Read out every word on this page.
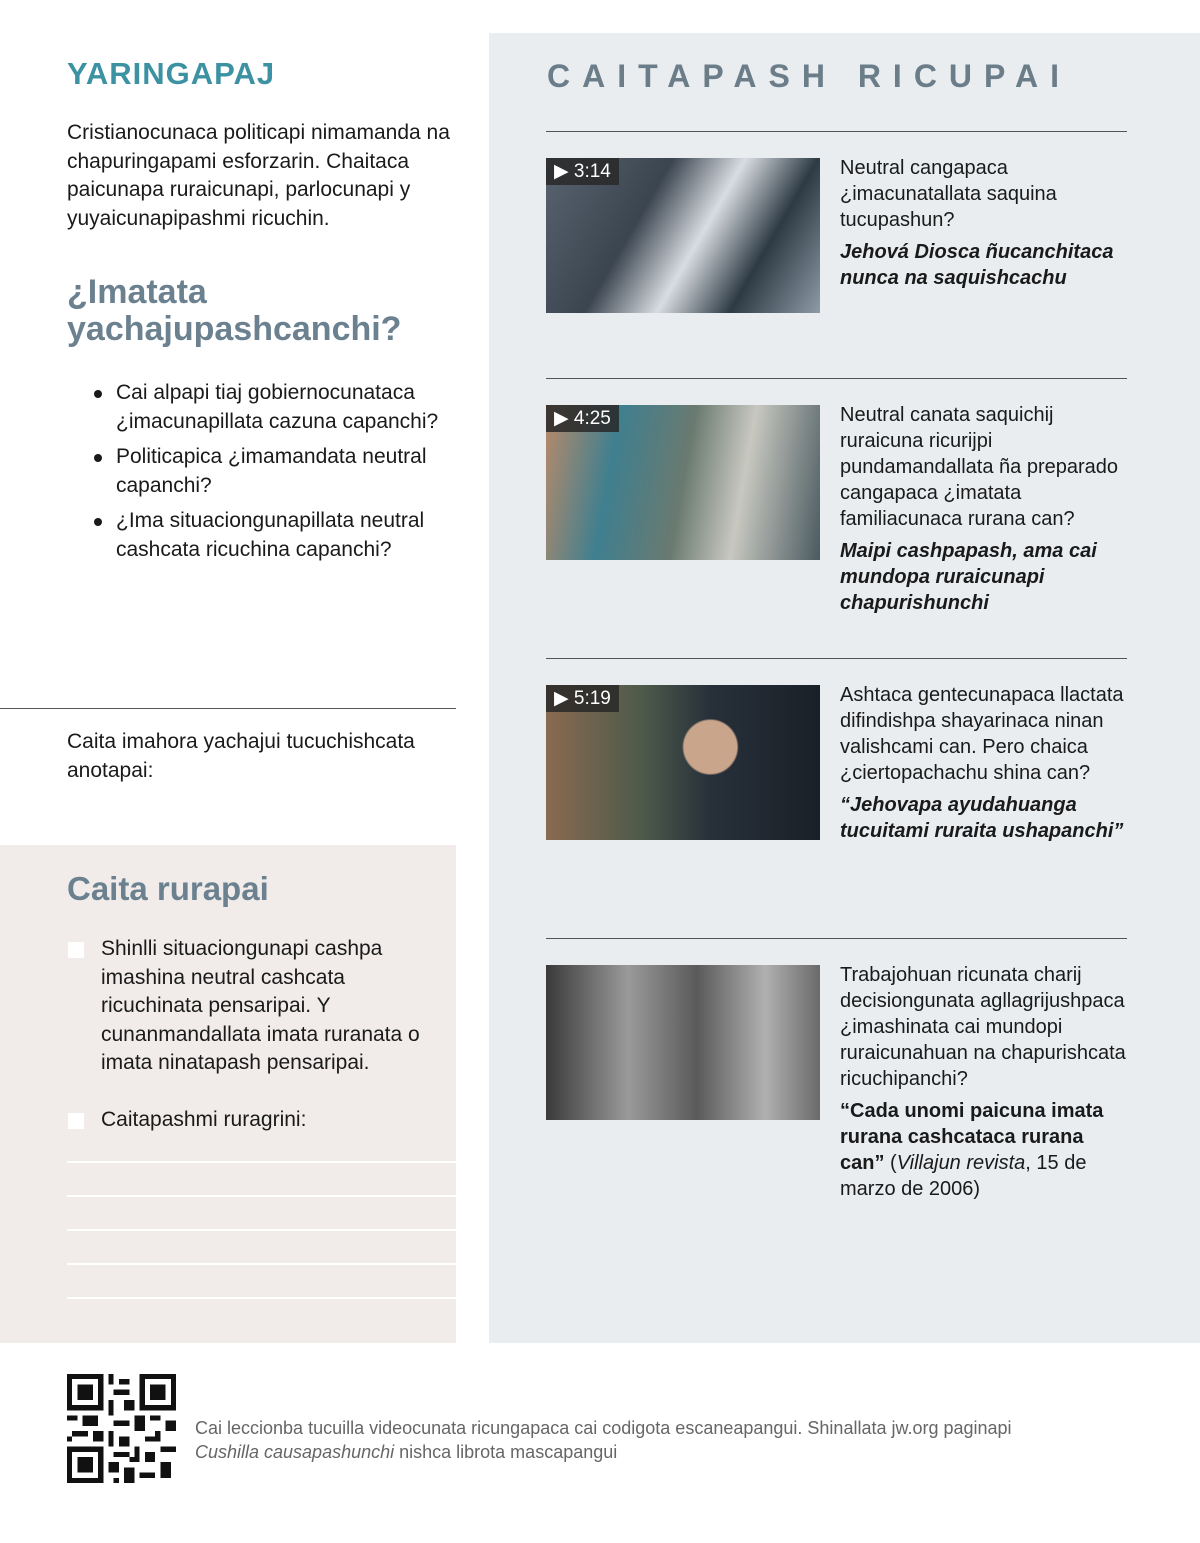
YARINGAPAJ
Cristianocunaca politicapi nimamanda na chapuringapami esforzarin. Chaitaca paicunapa ruraicunapi, parlocunapi y yuyaicunapipashmi ricuchin.
¿Imatata yachajupashcanchi?
Cai alpapi tiaj gobiernocunataca ¿imacunapillata cazuna capanchi?
Politicapica ¿imamandata neutral capanchi?
¿Ima situaciongunapillata neutral cashcata ricuchina capanchi?
Caita imahora yachajui tucuchishcata anotapai:
Caita rurapai
Shinlli situaciongunapi cashpa imashina neutral cashcata ricuchinata pensaripai. Y cunanmandallata imata ruranata o imata ninatapash pensaripai.
Caitapashmi ruragrini:
CAITAPASH RICUPAI
▶ 3:14	Neutral cangapaca ¿imacunatallata saquina tucupashun?
Jehová Diosca ñucanchitaca nunca na saquishcachu
▶ 4:25	Neutral canata saquichij ruraicuna ricurijpi pundamandallata ña preparado cangapaca ¿imatata familiacunaca rurana can?
Maipi cashpapash, ama cai mundopa ruraicunapi chapurishunchi
▶ 5:19	Ashtaca gentecunapaca llactata difindishpa shayarinaca ninan valishcami can. Pero chaica ¿ciertopachachu shina can?
“Jehovapa ayudahuanga tucuitami ruraita ushapanchi”
Trabajohuan ricunata charij decisiongunata agllagrijushpaca ¿imashinata cai mundopi ruraicunahuan na chapurishcata ricuchipanchi?
“Cada unomi paicuna imata rurana cashcataca rurana can” (Villajun revista, 15 de marzo de 2006)
Cai leccionba tucuilla videocunata ricungapaca cai codigota escaneapangui. Shinallata jw.org paginapi
Cushilla causapashunchi nishca librota mascapangui
